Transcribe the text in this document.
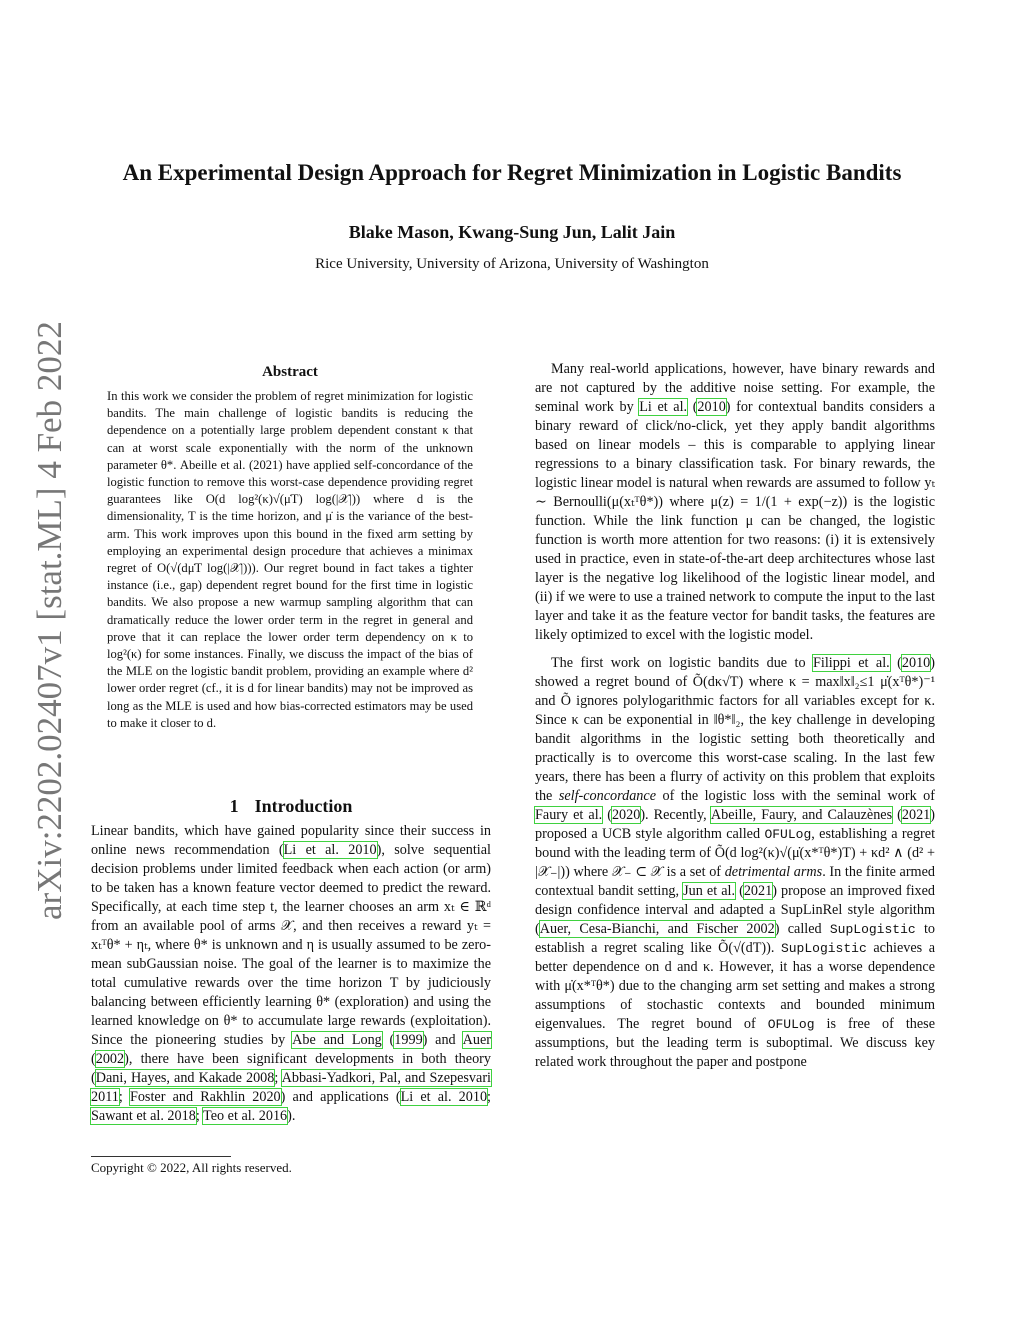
arXiv:2202.02407v1 [stat.ML] 4 Feb 2022
An Experimental Design Approach for Regret Minimization in Logistic Bandits
Blake Mason, Kwang-Sung Jun, Lalit Jain
Rice University, University of Arizona, University of Washington
Abstract
In this work we consider the problem of regret minimization for logistic bandits. The main challenge of logistic bandits is reducing the dependence on a potentially large problem dependent constant κ that can at worst scale exponentially with the norm of the unknown parameter θ*. Abeille et al. (2021) have applied self-concordance of the logistic function to remove this worst-case dependence providing regret guarantees like O(d log²(κ)√(μ̇T) log(|𝒳|)) where d is the dimensionality, T is the time horizon, and μ̇ is the variance of the best-arm. This work improves upon this bound in the fixed arm setting by employing an experimental design procedure that achieves a minimax regret of O(√(dμ̇T log(|𝒳|))). Our regret bound in fact takes a tighter instance (i.e., gap) dependent regret bound for the first time in logistic bandits. We also propose a new warmup sampling algorithm that can dramatically reduce the lower order term in the regret in general and prove that it can replace the lower order term dependency on κ to log²(κ) for some instances. Finally, we discuss the impact of the bias of the MLE on the logistic bandit problem, providing an example where d² lower order regret (cf., it is d for linear bandits) may not be improved as long as the MLE is used and how bias-corrected estimators may be used to make it closer to d.
1 Introduction
Linear bandits, which have gained popularity since their success in online news recommendation (Li et al. 2010), solve sequential decision problems under limited feedback when each action (or arm) to be taken has a known feature vector deemed to predict the reward. Specifically, at each time step t, the learner chooses an arm xₜ ∈ ℝᵈ from an available pool of arms 𝒳, and then receives a reward yₜ = xₜᵀθ* + ηₜ, where θ* is unknown and η is usually assumed to be zero-mean subGaussian noise. The goal of the learner is to maximize the total cumulative rewards over the time horizon T by judiciously balancing between efficiently learning θ* (exploration) and using the learned knowledge on θ* to accumulate large rewards (exploitation). Since the pioneering studies by Abe and Long (1999) and Auer (2002), there have been significant developments in both theory (Dani, Hayes, and Kakade 2008; Abbasi-Yadkori, Pal, and Szepesvari 2011; Foster and Rakhlin 2020) and applications (Li et al. 2010; Sawant et al. 2018; Teo et al. 2016).
Copyright © 2022, All rights reserved.

Many real-world applications, however, have binary rewards and are not captured by the additive noise setting. For example, the seminal work by Li et al. (2010) for contextual bandits considers a binary reward of click/no-click, yet they apply bandit algorithms based on linear models – this is comparable to applying linear regressions to a binary classification task. For binary rewards, the logistic linear model is natural when rewards are assumed to follow yₜ ∼ Bernoulli(μ(xₜᵀθ*)) where μ(z) = 1/(1 + exp(−z)) is the logistic function. While the link function μ can be changed, the logistic function is worth more attention for two reasons: (i) it is extensively used in practice, even in state-of-the-art deep architectures whose last layer is the negative log likelihood of the logistic linear model, and (ii) if we were to use a trained network to compute the input to the last layer and take it as the feature vector for bandit tasks, the features are likely optimized to excel with the logistic model.

The first work on logistic bandits due to Filippi et al. (2010) showed a regret bound of Õ(dκ√T) where κ = max‖x‖₂≤1 μ̇(xᵀθ*)⁻¹ and Õ ignores polylogarithmic factors for all variables except for κ. Since κ can be exponential in ‖θ*‖₂, the key challenge in developing bandit algorithms in the logistic setting both theoretically and practically is to overcome this worst-case scaling. In the last few years, there has been a flurry of activity on this problem that exploits the self-concordance of the logistic loss with the seminal work of Faury et al. (2020). Recently, Abeille, Faury, and Calauzènes (2021) proposed a UCB style algorithm called OFULog, establishing a regret bound with the leading term of Õ(d log²(κ)√(μ̇(x*ᵀθ*)T) + κd² ∧ (d² + |𝒳₋|)) where 𝒳₋ ⊂ 𝒳 is a set of detrimental arms. In the finite armed contextual bandit setting, Jun et al. (2021) propose an improved fixed design confidence interval and adapted a SupLinRel style algorithm (Auer, Cesa-Bianchi, and Fischer 2002) called SupLogistic to establish a regret scaling like Õ(√(dT)). SupLogistic achieves a better dependence on d and κ. However, it has a worse dependence with μ̇(x*ᵀθ*) due to the changing arm set setting and makes a strong assumptions of stochastic contexts and bounded minimum eigenvalues. The regret bound of OFULog is free of these assumptions, but the leading term is suboptimal. We discuss key related work throughout the paper and postpone
